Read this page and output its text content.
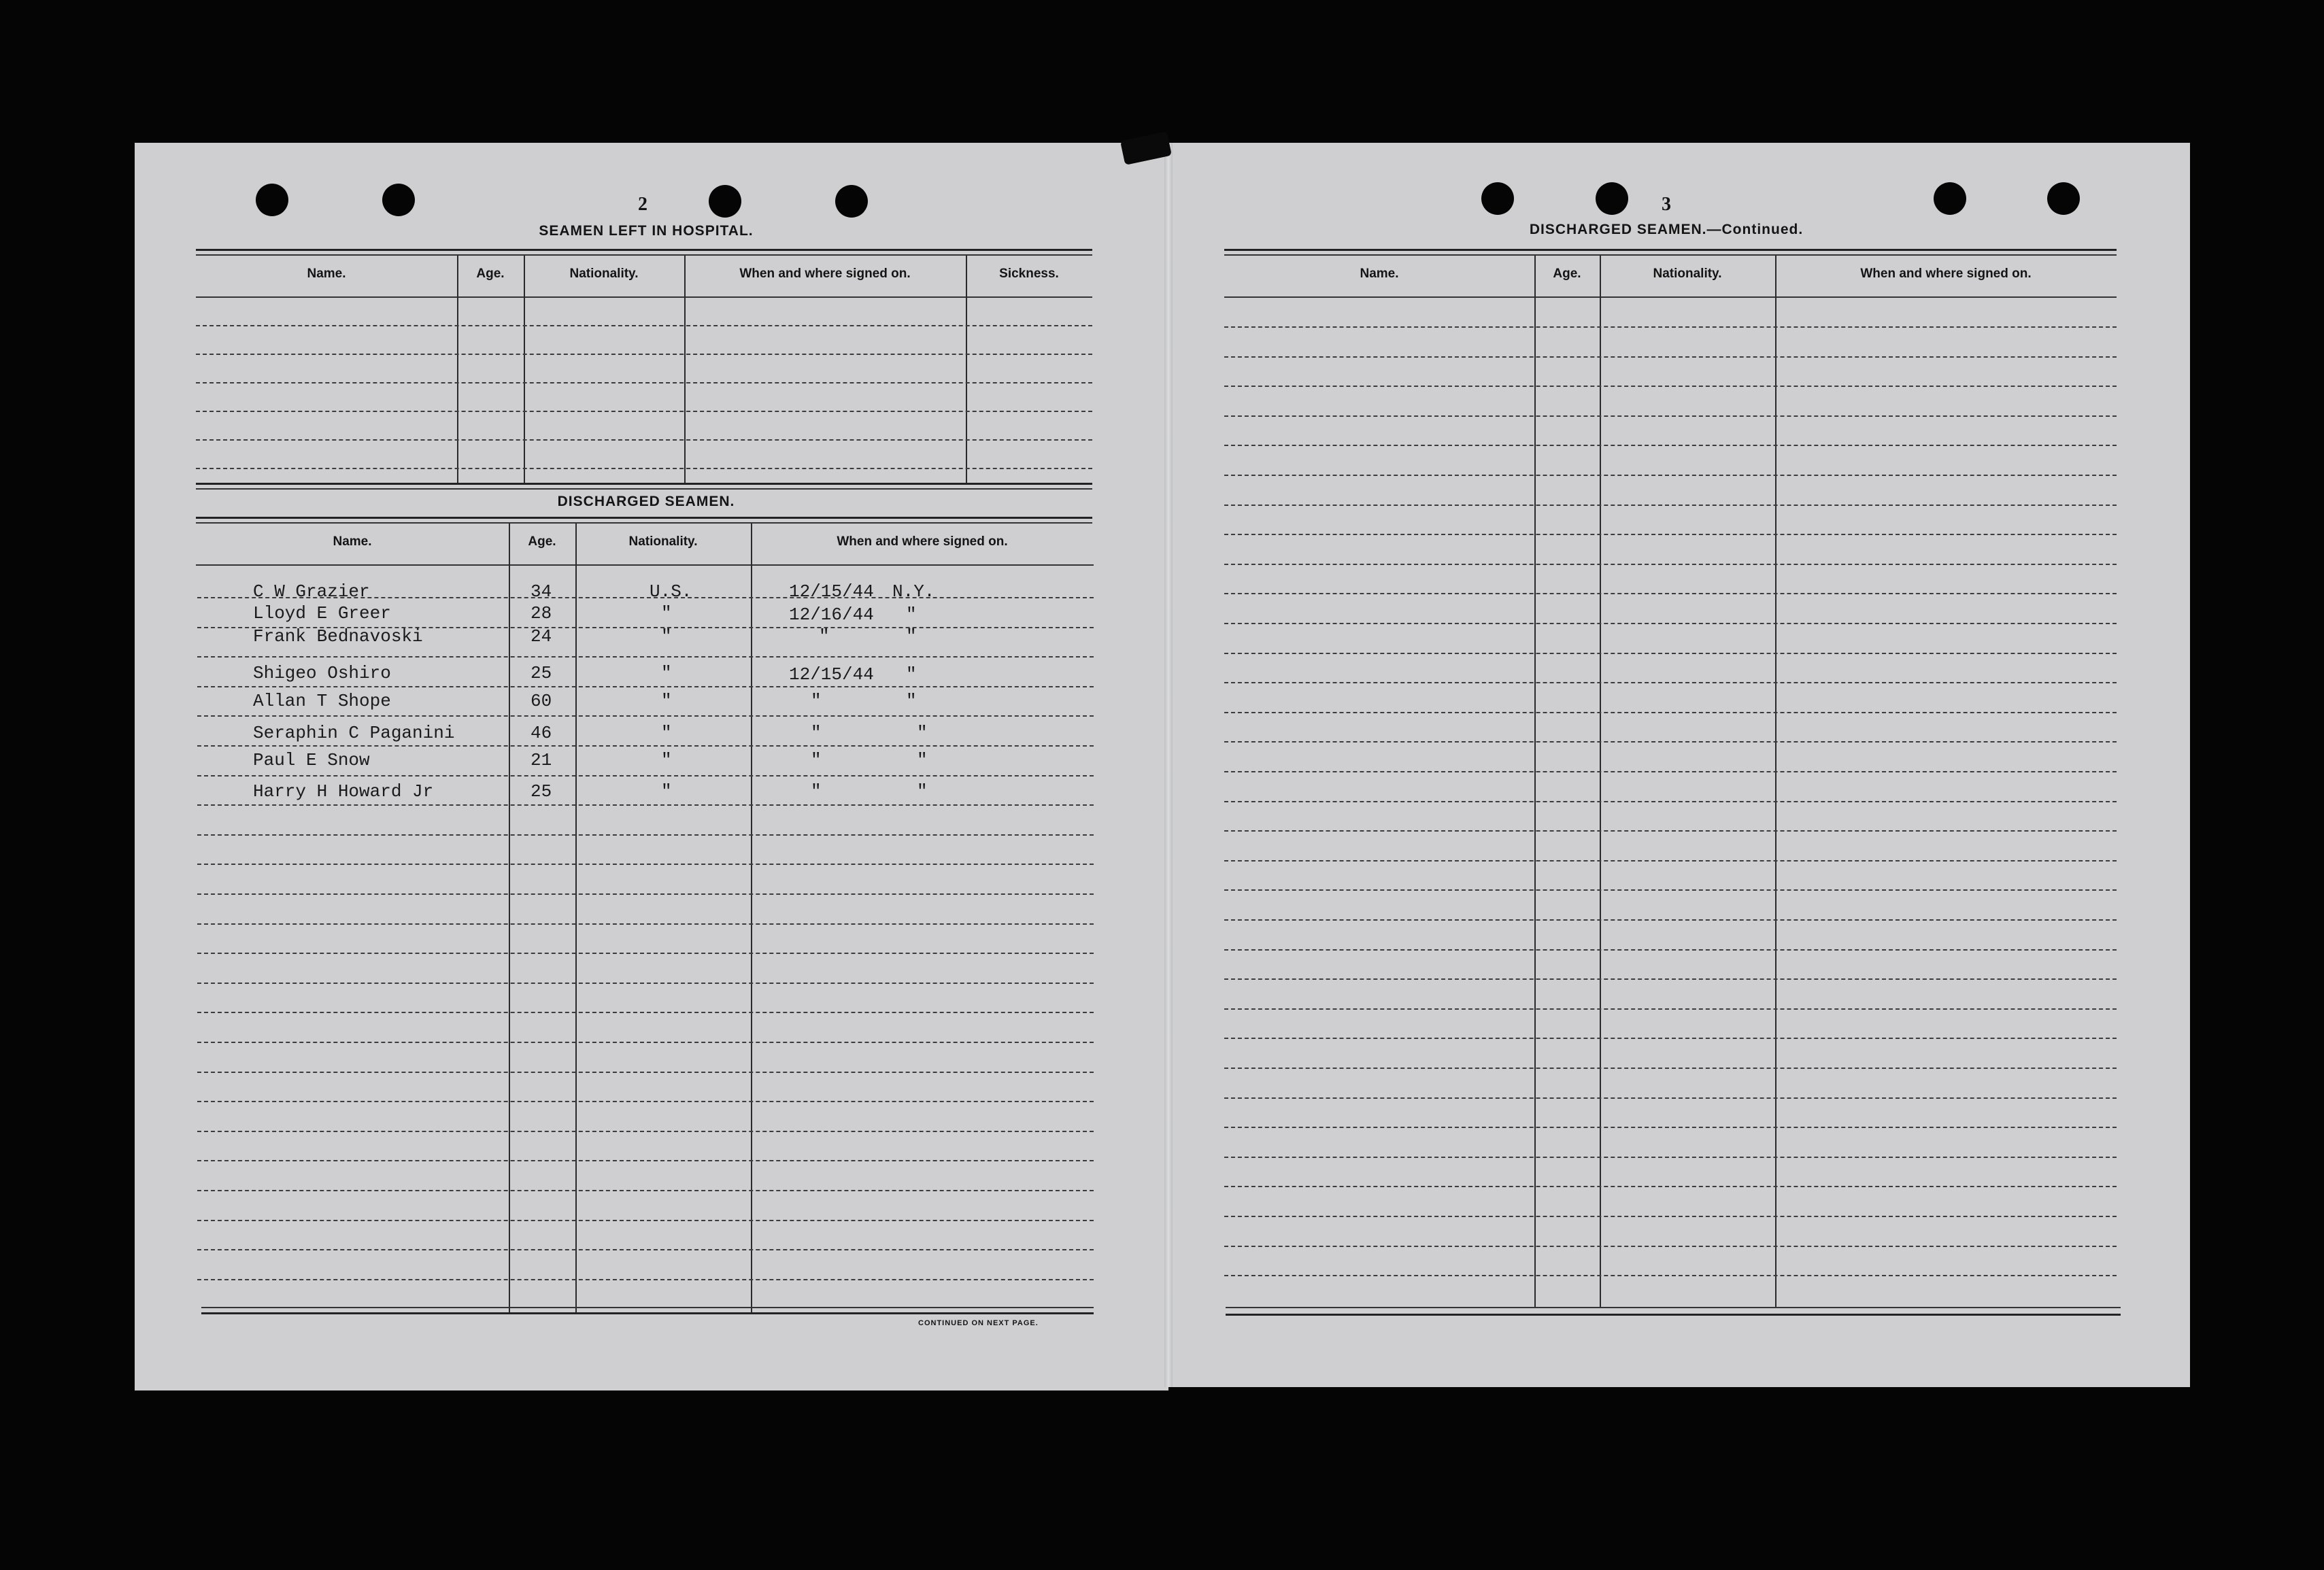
2
SEAMEN LEFT IN HOSPITAL.
Name.	Age.	Nationality.	When and where signed on.	Sickness.
DISCHARGED SEAMEN.
Name.	Age.	Nationality.	When and where signed on.
C W Grazier	34	U.S.	12/15/44 N.Y.
Lloyd E Greer	28	"	12/16/44 "
Frank Bednavoski	24	"	"	"
Shigeo Oshiro	25	"	12/15/44 "
Allan T Shope	60	"	"	"
Seraphin C Paganini	46	"	"	"
Paul E Snow	21	"	"	"
Harry H Howard Jr	25	"	"	"
CONTINUED ON NEXT PAGE.
3
DISCHARGED SEAMEN.—Continued.
Name.	Age.	Nationality.	When and where signed on.
